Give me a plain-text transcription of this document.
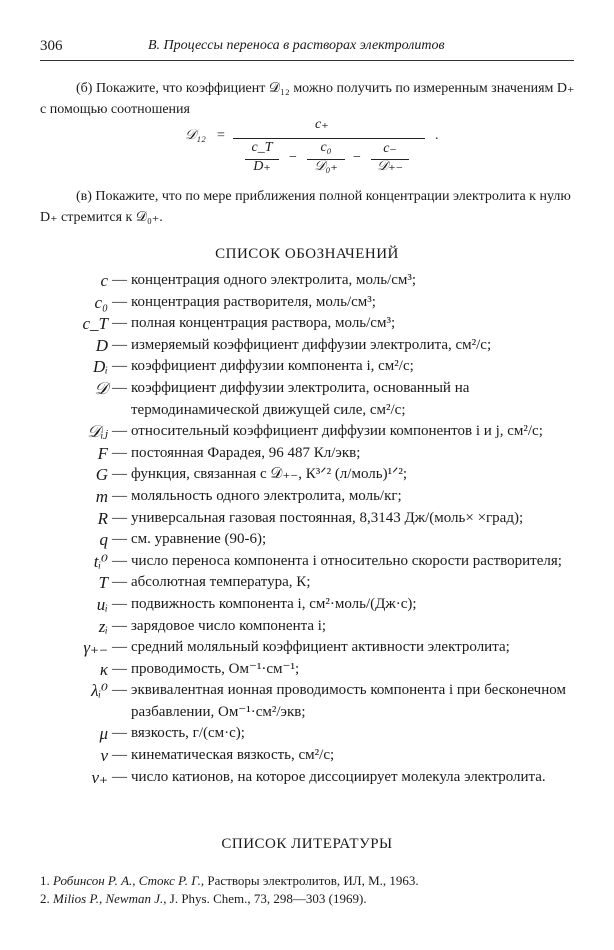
306	В. Процессы переноса в растворах электролитов
(б) Покажите, что коэффициент 𝒟₁₂ можно получить по измеренным значениям D₊ с помощью соотношения
𝒟₁₂ =
c₊
c_T
D₊
−
c₀
𝒟₀₊
−
c₋
𝒟₊₋
.
(в) Покажите, что по мере приближения полной концентрации электролита к нулю D₊ стремится к 𝒟₀₊.
СПИСОК ОБОЗНАЧЕНИЙ
c — концентрация одного электролита, моль/см³;
c₀ — концентрация растворителя, моль/см³;
c_T — полная концентрация раствора, моль/см³;
D — измеряемый коэффициент диффузии электролита, см²/с;
Dᵢ — коэффициент диффузии компонента i, см²/с;
𝒟 — коэффициент диффузии электролита, основанный на термодинамической движущей силе, см²/с;
𝒟ᵢⱼ — относительный коэффициент диффузии компонентов i и j, см²/с;
F — постоянная Фарадея, 96 487 Кл/экв;
G — функция, связанная с 𝒟₊₋, К³ᐟ² (л/моль)¹ᐟ²;
m — моляльность одного электролита, моль/кг;
R — универсальная газовая постоянная, 8,3143 Дж/(моль× ×град);
q — см. уравнение (90-6);
tᵢ⁰ — число переноса компонента i относительно скорости растворителя;
T — абсолютная температура, К;
uᵢ — подвижность компонента i, см²·моль/(Дж·с);
zᵢ — зарядовое число компонента i;
γ₊₋ — средний моляльный коэффициент активности электролита;
κ — проводимость, Ом⁻¹·см⁻¹;
λᵢ⁰ — эквивалентная ионная проводимость компонента i при бесконечном разбавлении, Ом⁻¹·см²/экв;
μ — вязкость, г/(см·с);
ν — кинематическая вязкость, см²/с;
ν₊ — число катионов, на которое диссоциирует молекула электролита.
СПИСОК ЛИТЕРАТУРЫ
1. Робинсон Р. А., Стокс Р. Г., Растворы электролитов, ИЛ, М., 1963.
2. Milios P., Newman J., J. Phys. Chem., 73, 298—303 (1969).
